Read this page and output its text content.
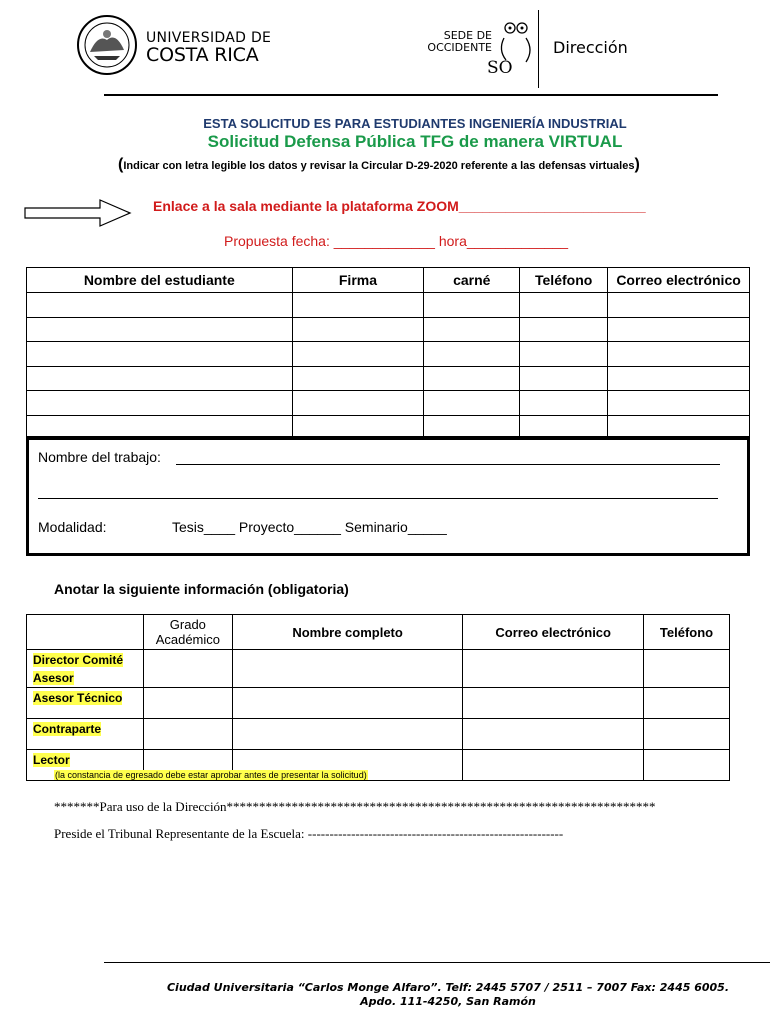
UNIVERSIDAD DE
COSTA RICA
SEDE DE
OCCIDENTE
SO
Dirección
ESTA SOLICITUD ES PARA ESTUDIANTES INGENIERÍA INDUSTRIAL
Solicitud Defensa Pública TFG de manera VIRTUAL
(Indicar con letra legible los datos y revisar la Circular D-29-2020 referente a las defensas virtuales)
Enlace a la sala mediante la plataforma ZOOM________________________
Propuesta fecha: _____________ hora_____________
Nombre del estudiante	Firma	carné	Teléfono	Correo electrónico

Nombre del trabajo:
Modalidad:	Tesis____ Proyecto______ Seminario_____
Anotar la siguiente información (obligatoria)
	Grado Académico	Nombre completo	Correo electrónico	Teléfono
Director Comité Asesor				
Asesor Técnico				
Contraparte				
Lector				
(la constancia de egresado debe estar aprobar antes de presentar la solicitud)
*******Para uso de la Dirección******************************************************************
Preside el Tribunal Representante de la Escuela: -----------------------------------------------------------
Ciudad Universitaria “Carlos Monge Alfaro”. Telf: 2445 5707 / 2511 – 7007 Fax: 2445 6005.
Apdo. 111-4250, San Ramón
